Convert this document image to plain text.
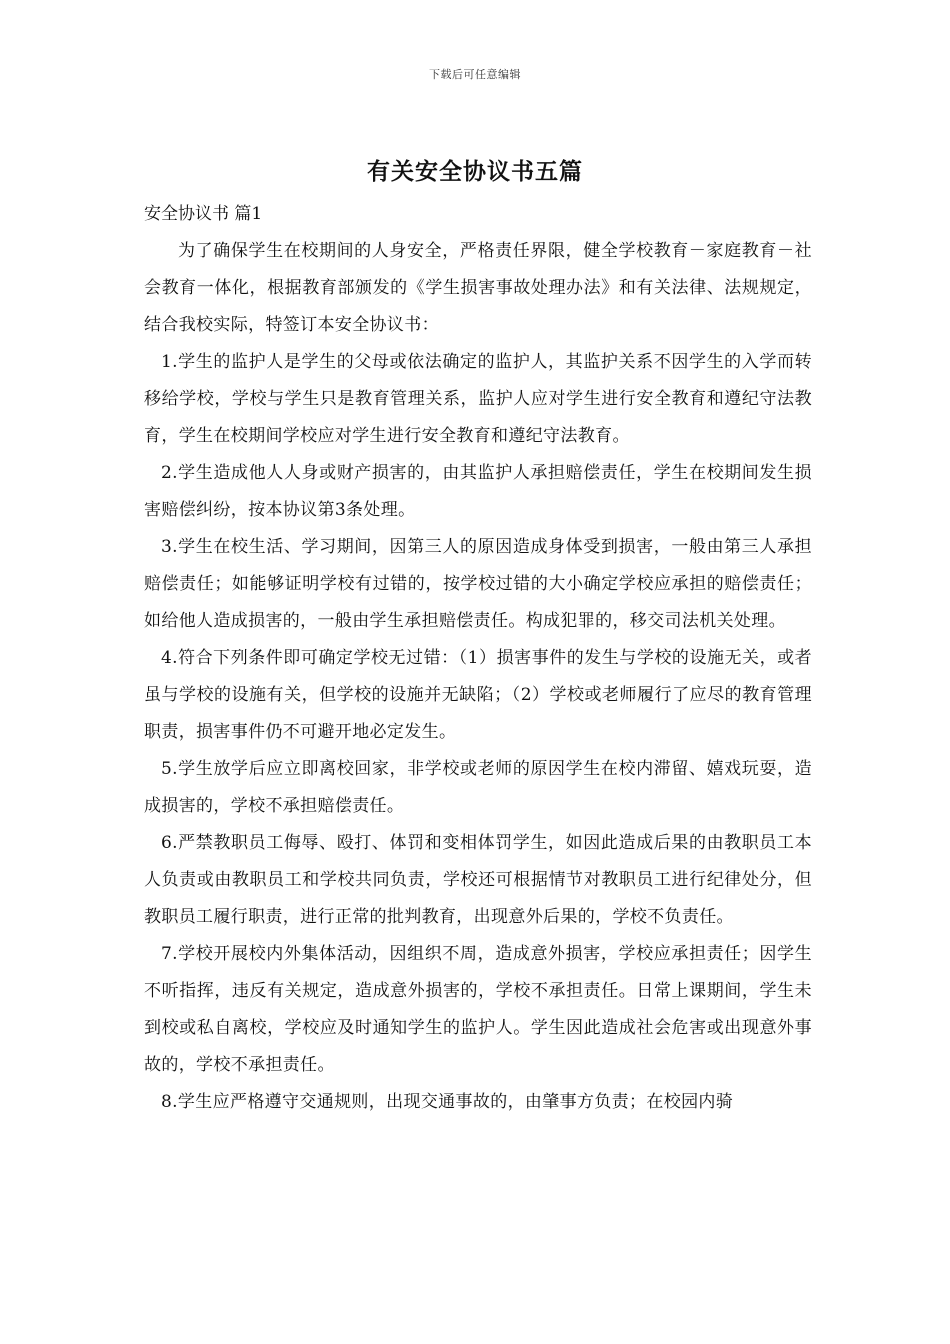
下载后可任意编辑
有关安全协议书五篇

安全协议书 篇1

为了确保学生在校期间的人身安全，严格责任界限，健全学校教育－家庭教育－社会教育一体化，根据教育部颁发的《学生损害事故处理办法》和有关法律、法规规定，结合我校实际，特签订本安全协议书：

1.学生的监护人是学生的父母或依法确定的监护人，其监护关系不因学生的入学而转移给学校，学校与学生只是教育管理关系，监护人应对学生进行安全教育和遵纪守法教育，学生在校期间学校应对学生进行安全教育和遵纪守法教育。

2.学生造成他人人身或财产损害的，由其监护人承担赔偿责任，学生在校期间发生损害赔偿纠纷，按本协议第3条处理。

3.学生在校生活、学习期间，因第三人的原因造成身体受到损害，一般由第三人承担赔偿责任；如能够证明学校有过错的，按学校过错的大小确定学校应承担的赔偿责任；如给他人造成损害的，一般由学生承担赔偿责任。构成犯罪的，移交司法机关处理。

4.符合下列条件即可确定学校无过错：（1）损害事件的发生与学校的设施无关，或者虽与学校的设施有关，但学校的设施并无缺陷；（2）学校或老师履行了应尽的教育管理职责，损害事件仍不可避开地必定发生。

5.学生放学后应立即离校回家，非学校或老师的原因学生在校内滞留、嬉戏玩耍，造成损害的，学校不承担赔偿责任。

6.严禁教职员工侮辱、殴打、体罚和变相体罚学生，如因此造成后果的由教职员工本人负责或由教职员工和学校共同负责，学校还可根据情节对教职员工进行纪律处分，但教职员工履行职责，进行正常的批判教育，出现意外后果的，学校不负责任。

7.学校开展校内外集体活动，因组织不周，造成意外损害，学校应承担责任；因学生不听指挥，违反有关规定，造成意外损害的，学校不承担责任。日常上课期间，学生未到校或私自离校，学校应及时通知学生的监护人。学生因此造成社会危害或出现意外事故的，学校不承担责任。

8.学生应严格遵守交通规则，出现交通事故的，由肇事方负责；在校园内骑
